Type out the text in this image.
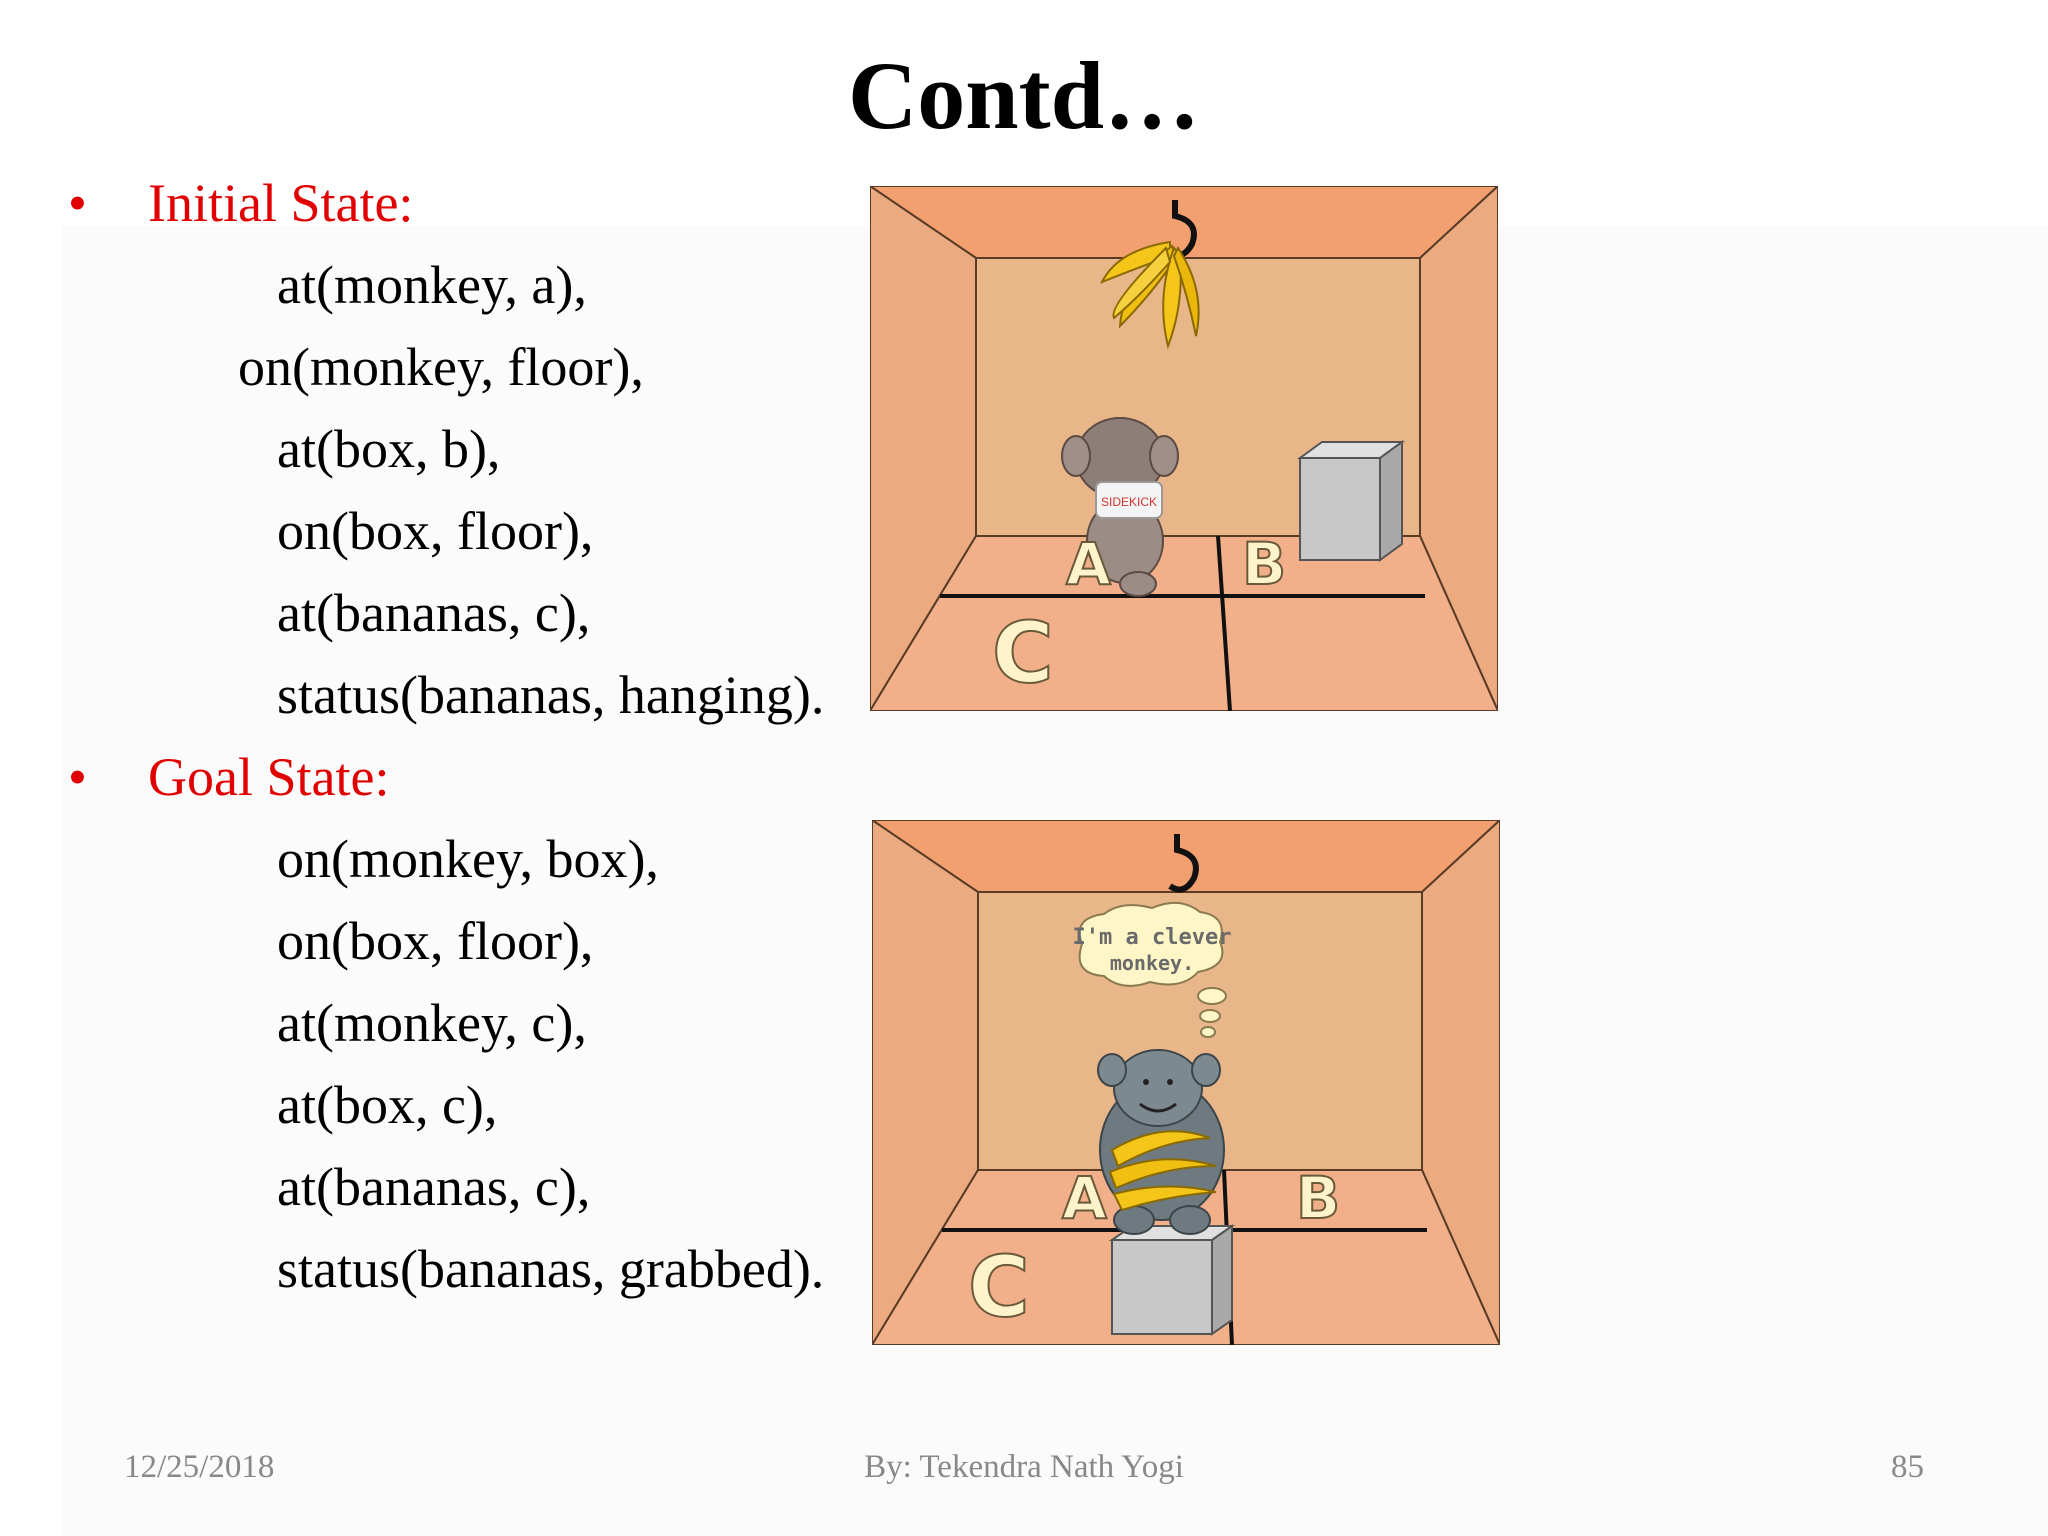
Contd…
• Initial State:
at(monkey, a),
on(monkey, floor),
at(box, b),
on(box, floor),
at(bananas, c),
status(bananas, hanging).
• Goal State:
on(monkey, box),
on(box, floor),
at(monkey, c),
at(box, c),
at(bananas, c),
status(bananas, grabbed).
SIDEKICK
A B
C
I'm a clever
monkey.
A	B
C
12/25/2018	By: Tekendra Nath Yogi	85
